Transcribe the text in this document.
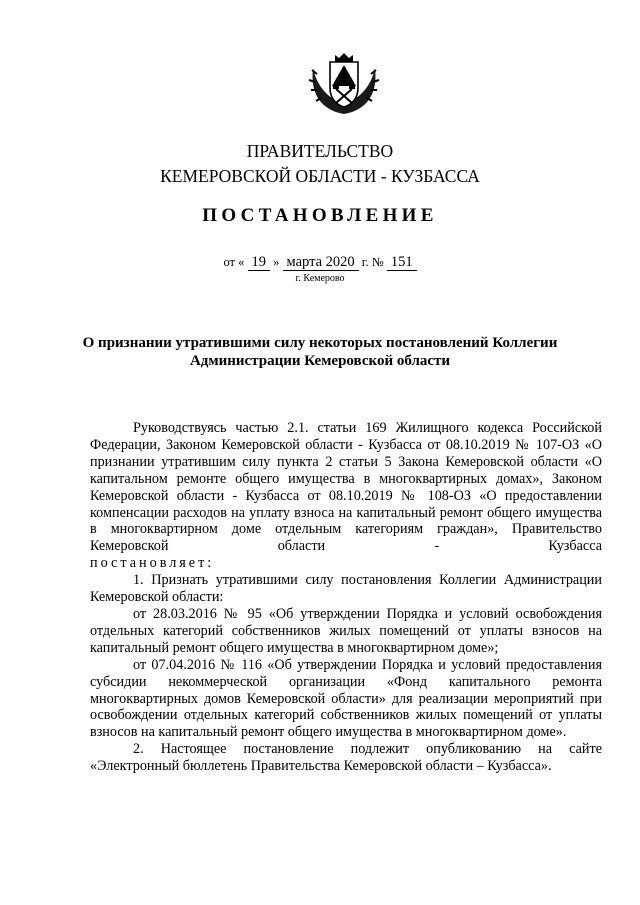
ПРАВИТЕЛЬСТВО
КЕМЕРОВСКОЙ ОБЛАСТИ - КУЗБАССА
ПОСТАНОВЛЕНИЕ
от « 19 » марта 2020 г. № 151
г. Кемерово
О признании утратившими силу некоторых постановлений Коллегии
Администрации Кемеровской области

Руководствуясь частью 2.1. статьи 169 Жилищного кодекса Российской Федерации, Законом Кемеровской области - Кузбасса от 08.10.2019 № 107-ОЗ «О признании утратившим силу пункта 2 статьи 5 Закона Кемеровской области «О капитальном ремонте общего имущества в многоквартирных домах», Законом Кемеровской области - Кузбасса от 08.10.2019 № 108-ОЗ «О предоставлении компенсации расходов на уплату взноса на капитальный ремонт общего имущества в многоквартирном доме отдельным категориям граждан», Правительство Кемеровской области - Кузбасса

постановляет:

1. Признать утратившими силу постановления Коллегии Администрации Кемеровской области:

от 28.03.2016 № 95 «Об утверждении Порядка и условий освобождения отдельных категорий собственников жилых помещений от уплаты взносов на капитальный ремонт общего имущества в многоквартирном доме»;

от 07.04.2016 № 116 «Об утверждении Порядка и условий предоставления субсидии некоммерческой организации «Фонд капитального ремонта многоквартирных домов Кемеровской области» для реализации мероприятий при освобождении отдельных категорий собственников жилых помещений от уплаты взносов на капитальный ремонт общего имущества в многоквартирном доме».

2. Настоящее постановление подлежит опубликованию на сайте «Электронный бюллетень Правительства Кемеровской области – Кузбасса».
